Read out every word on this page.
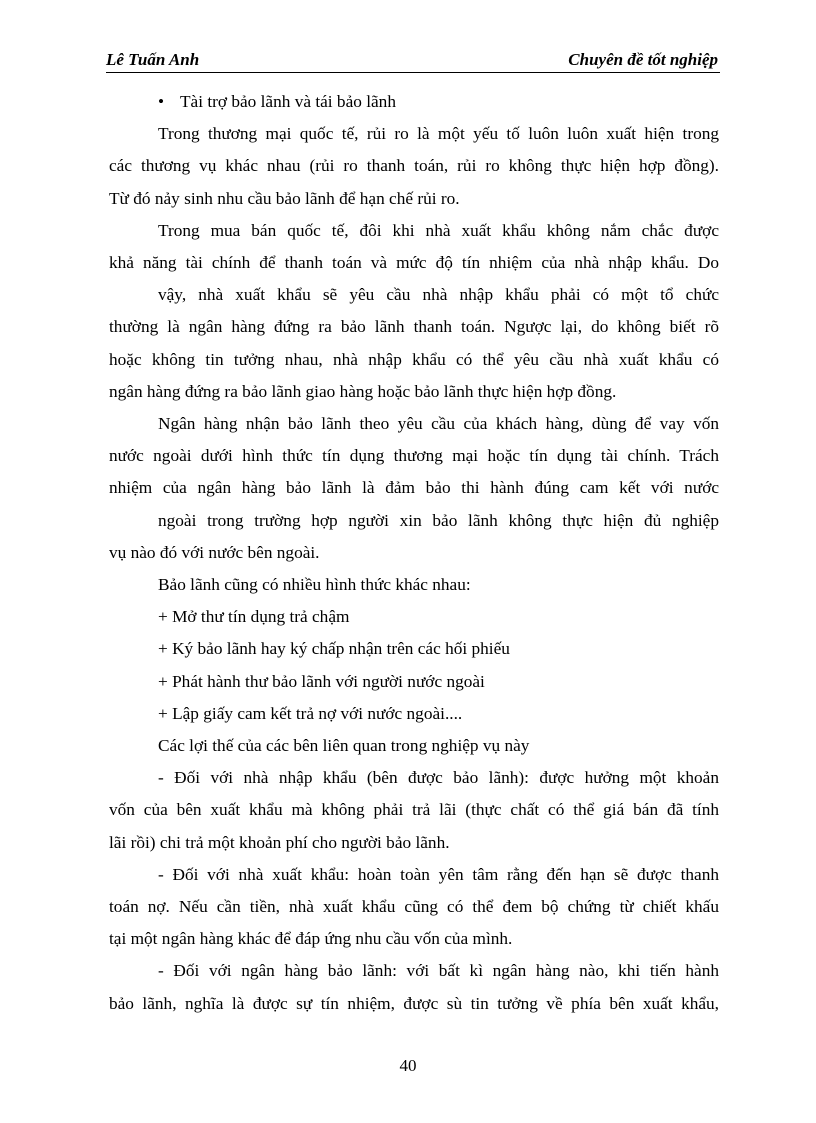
Lê Tuấn Anh	Chuyên đề tốt nghiệp
• Tài trợ bảo lãnh và tái bảo lãnh
Trong thương mại quốc tế, rủi ro là một yếu tố luôn luôn xuất hiện trong
các thương vụ khác nhau (rủi ro thanh toán, rủi ro không thực hiện hợp đồng).
Từ đó nảy sinh nhu cầu bảo lãnh để hạn chế rủi ro.
Trong mua bán quốc tế, đôi khi nhà xuất khẩu không nắm chắc được
khả năng tài chính để thanh toán và mức độ tín nhiệm của nhà nhập khẩu. Do
vậy, nhà xuất khẩu sẽ yêu cầu nhà nhập khẩu phải có một tổ chức
thường là ngân hàng đứng ra bảo lãnh thanh toán. Ngược lại, do không biết rõ
hoặc không tin tưởng nhau, nhà nhập khẩu có thể yêu cầu nhà xuất khẩu có
ngân hàng đứng ra bảo lãnh giao hàng hoặc bảo lãnh thực hiện hợp đồng.
Ngân hàng nhận bảo lãnh theo yêu cầu của khách hàng, dùng để vay vốn
nước ngoài dưới hình thức tín dụng thương mại hoặc tín dụng tài chính. Trách
nhiệm của ngân hàng bảo lãnh là đảm bảo thi hành đúng cam kết với nước
ngoài trong trường hợp người xin bảo lãnh không thực hiện đủ nghiệp
vụ nào đó với nước bên ngoài.
Bảo lãnh cũng có nhiều hình thức khác nhau:
+ Mở thư tín dụng trả chậm
+ Ký bảo lãnh hay ký chấp nhận trên các hối phiếu
+ Phát hành thư bảo lãnh với người nước ngoài
+ Lập giấy cam kết trả nợ với nước ngoài....
Các lợi thế của các bên liên quan trong nghiệp vụ này
- Đối với nhà nhập khẩu (bên được bảo lãnh): được hưởng một khoản
vốn của bên xuất khẩu mà không phải trả lãi (thực chất có thể giá bán đã tính
lãi rồi) chi trả một khoản phí cho người bảo lãnh.
- Đối với nhà xuất khẩu: hoàn toàn yên tâm rằng đến hạn sẽ được thanh
toán nợ. Nếu cần tiền, nhà xuất khẩu cũng có thể đem bộ chứng từ chiết khấu
tại một ngân hàng khác để đáp ứng nhu cầu vốn của mình.
- Đối với ngân hàng bảo lãnh: với bất kì ngân hàng nào, khi tiến hành
bảo lãnh, nghĩa là được sự tín nhiệm, được sù tin tưởng về phía bên xuất khẩu,
40
